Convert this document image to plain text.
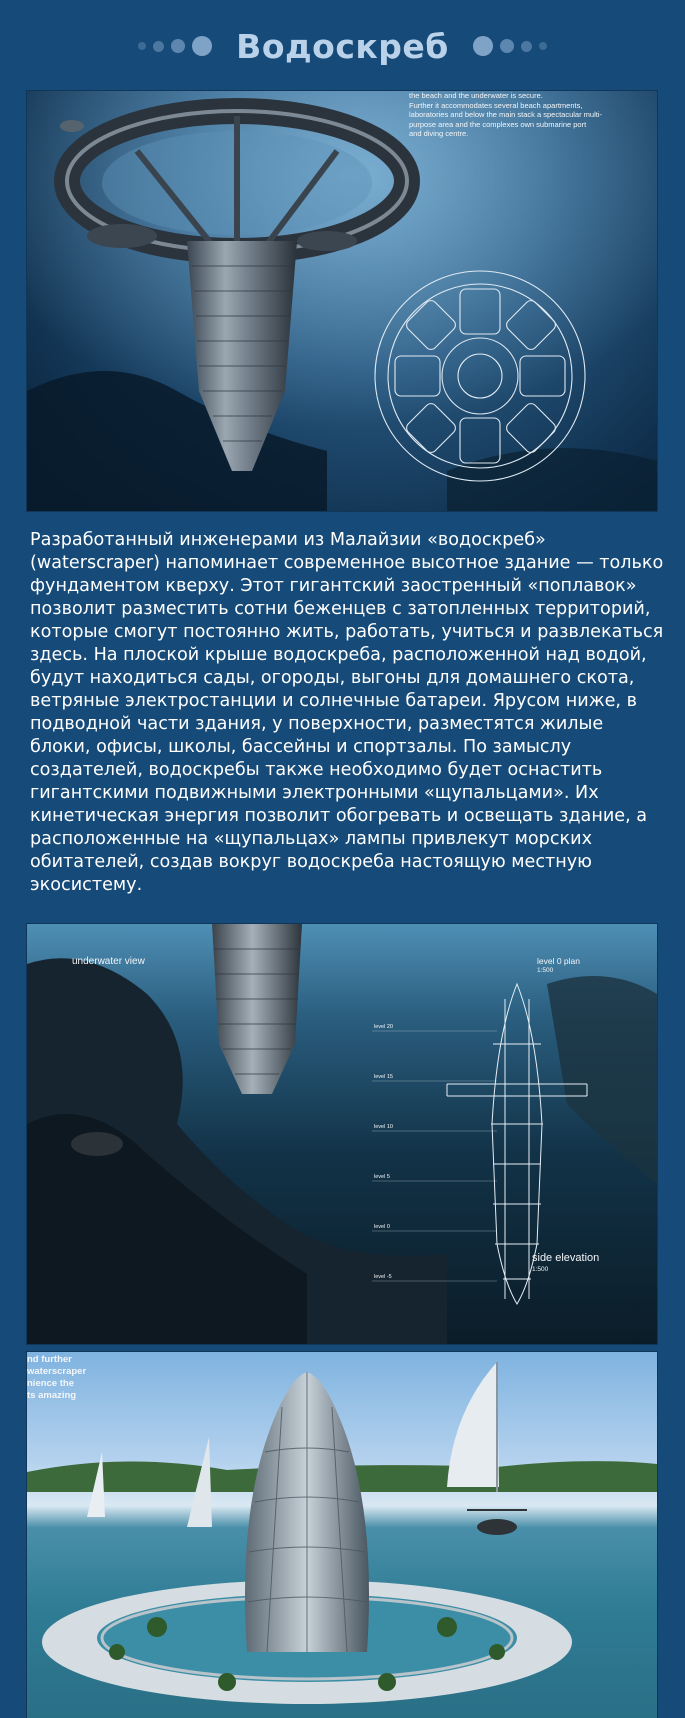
Водоскреб
the beach and the underwater is secure.
Further it accommodates several beach apartments,
laboratories and below the main stack a spectacular multi-
purpose area and the complexes own submarine port
and diving centre.

Разработанный инженерами из Малайзии «водоскреб» (waterscraper) напоминает современное высотное здание — только фундаментом кверху. Этот гигантский заостренный «поплавок» позволит разместить сотни беженцев с затопленных территорий, которые смогут постоянно жить, работать, учиться и развлекаться здесь. На плоской крыше водоскреба, расположенной над водой, будут находиться сады, огороды, выгоны для домашнего скота, ветряные электростанции и солнечные батареи. Ярусом ниже, в подводной части здания, у поверхности, разместятся жилые блоки, офисы, школы, бассейны и спортзалы. По замыслу создателей, водоскребы также необходимо будет оснастить гигантскими подвижными электронными «щупальцами». Их кинетическая энергия позволит обогревать и освещать здание, а расположенные на «щупальцах» лампы привлекут морских обитателей, создав вокруг водоскреба настоящую местную экосистему.

underwater view	level 0 plan
1:500
side elevation
1:500
level 20
level 15
level 10
level 5
level 0
level -5
nd further
waterscraper
nience the
ts amazing
